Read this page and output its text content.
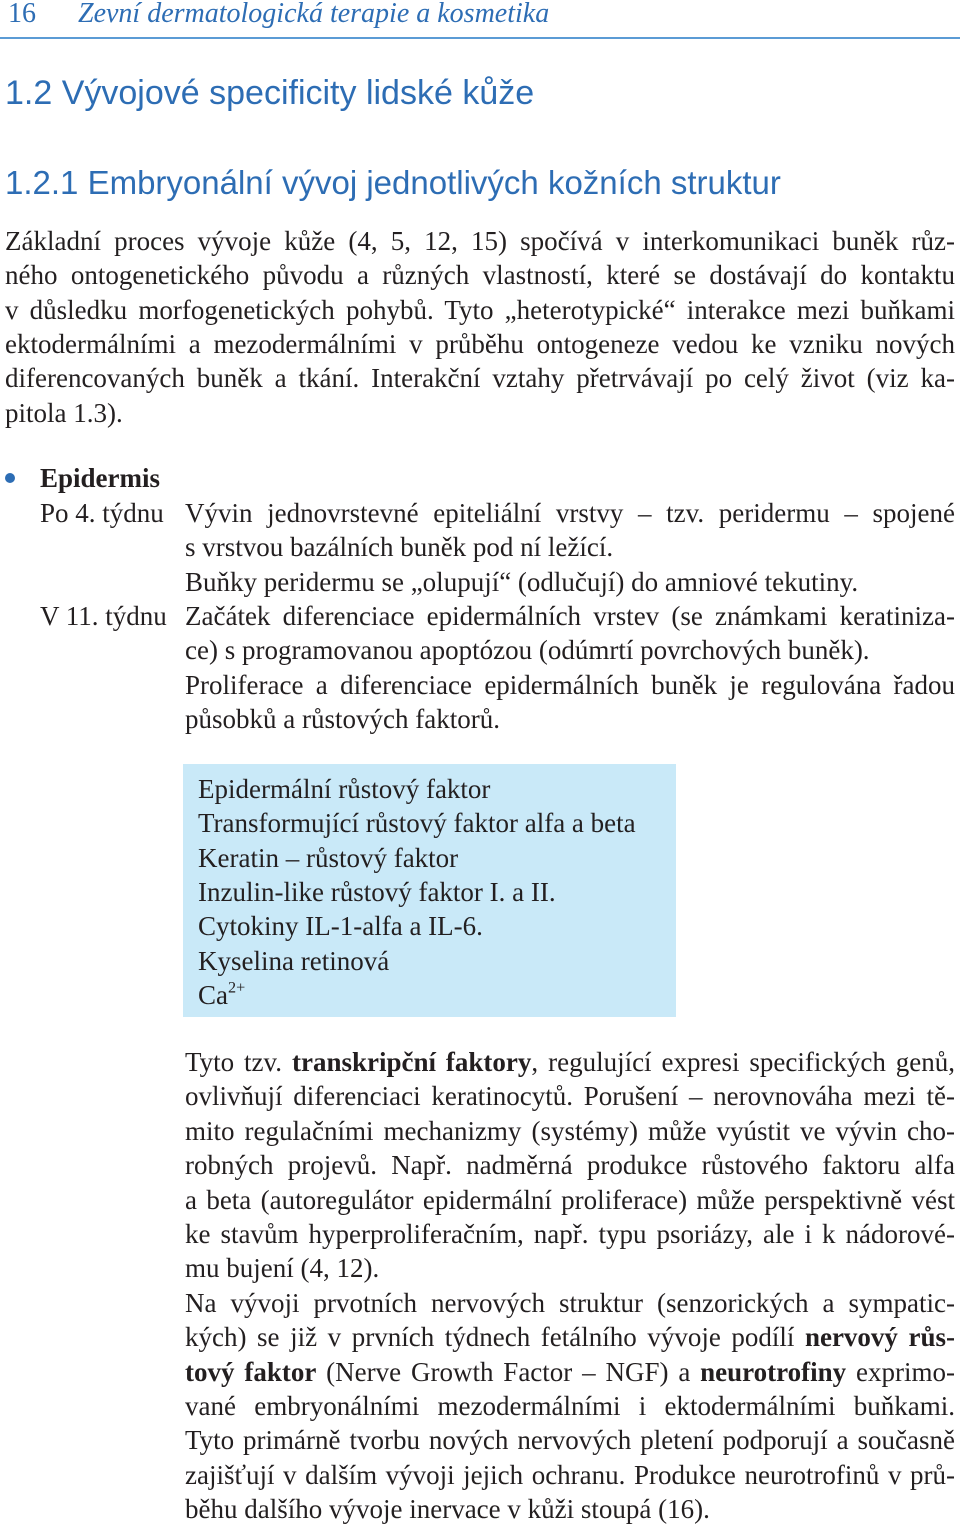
16 Zevní dermatologická terapie a kosmetika
1.2 Vývojové specificity lidské kůže
1.2.1 Embryonální vývoj jednotlivých kožních struktur
Základní proces vývoje kůže (4, 5, 12, 15) spočívá v interkomunikaci buněk růz-
ného ontogenetického původu a různých vlastností, které se dostávají do kontaktu
v důsledku morfogenetických pohybů. Tyto „heterotypické“ interakce mezi buňkami
ektodermálními a mezodermálními v průběhu ontogeneze vedou ke vzniku nových
diferencovaných buněk a tkání. Interakční vztahy přetrvávají po celý život (viz ka-
pitola 1.3).
Epidermis
Po 4. týdnu Vývin jednovrstevné epiteliální vrstvy – tzv. peridermu – spojené
s vrstvou bazálních buněk pod ní ležící.
Buňky peridermu se „olupují“ (odlučují) do amniové tekutiny.
V 11. týdnu Začátek diferenciace epidermálních vrstev (se známkami keratiniza-
ce) s programovanou apoptózou (odúmrtí povrchových buněk).
Proliferace a diferenciace epidermálních buněk je regulována řadou
působků a růstových faktorů.
Epidermální růstový faktor
Transformující růstový faktor alfa a beta
Keratin – růstový faktor
Inzulin-like růstový faktor I. a II.
Cytokiny IL-1-alfa a IL-6.
Kyselina retinová
$Ca^{2+}$
Tyto tzv. transkripční faktory, regulující expresi specifických genů,
ovlivňují diferenciaci keratinocytů. Porušení – nerovnováha mezi tě-
mito regulačními mechanizmy (systémy) může vyústit ve vývin cho-
robných projevů. Např. nadměrná produkce růstového faktoru alfa
a beta (autoregulátor epidermální proliferace) může perspektivně vést
ke stavům hyperproliferačním, např. typu psoriázy, ale i k nádorové-
mu bujení (4, 12).
Na vývoji prvotních nervových struktur (senzorických a sympatic-
kých) se již v prvních týdnech fetálního vývoje podílí nervový růs-
tový faktor (Nerve Growth Factor – NGF) a neurotrofiny exprimo-
vané embryonálními mezodermálními i ektodermálními buňkami.
Tyto primárně tvorbu nových nervových pletení podporují a současně
zajišťují v dalším vývoji jejich ochranu. Produkce neurotrofinů v prů-
běhu dalšího vývoje inervace v kůži stoupá (16).
